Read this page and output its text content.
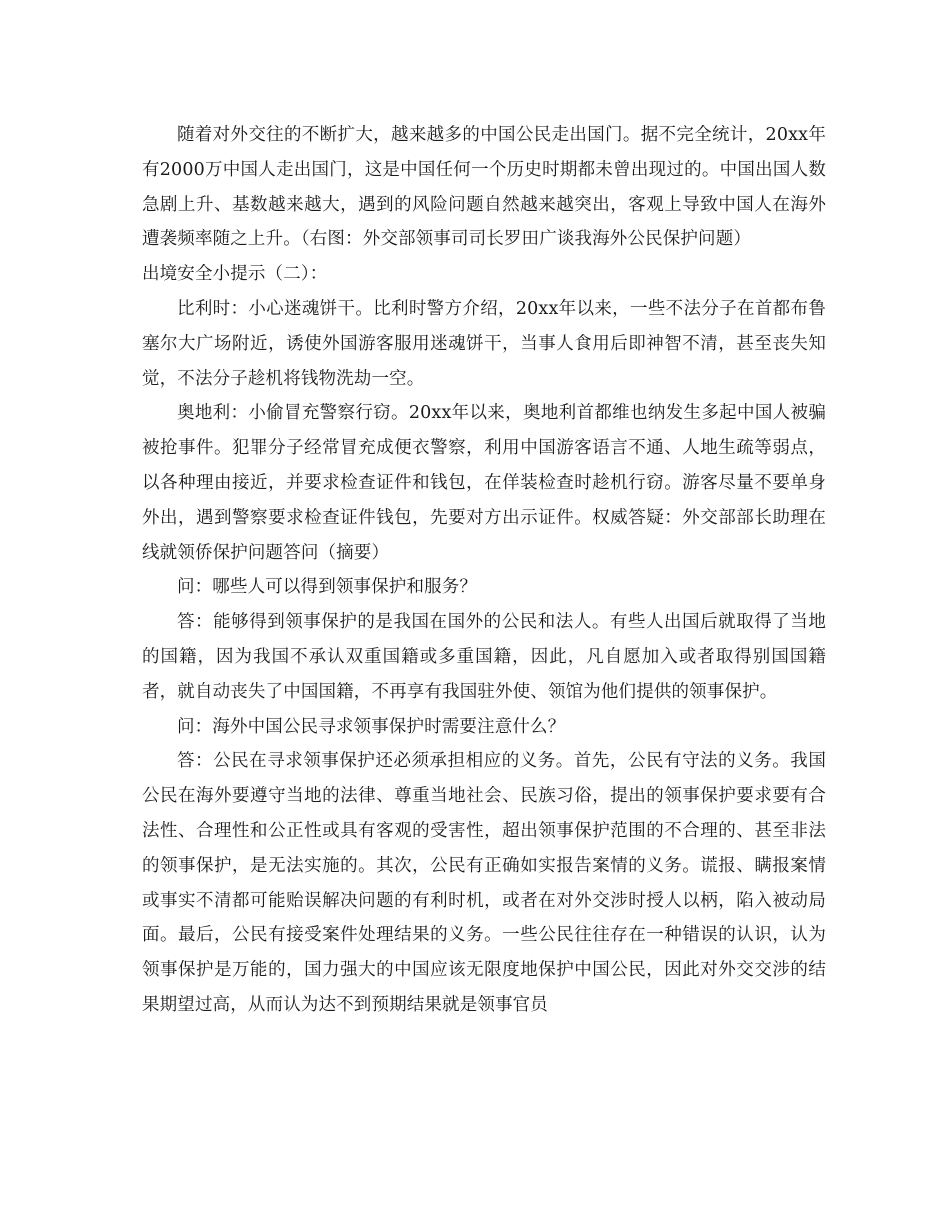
随着对外交往的不断扩大，越来越多的中国公民走出国门。据不完全统计，20xx年有2000万中国人走出国门，这是中国任何一个历史时期都未曾出现过的。中国出国人数急剧上升、基数越来越大，遇到的风险问题自然越来越突出，客观上导致中国人在海外遭袭频率随之上升。（右图：外交部领事司司长罗田广谈我海外公民保护问题）

出境安全小提示（二）：

比利时：小心迷魂饼干。比利时警方介绍，20xx年以来，一些不法分子在首都布鲁塞尔大广场附近，诱使外国游客服用迷魂饼干，当事人食用后即神智不清，甚至丧失知觉，不法分子趁机将钱物洗劫一空。

奥地利：小偷冒充警察行窃。20xx年以来，奥地利首都维也纳发生多起中国人被骗被抢事件。犯罪分子经常冒充成便衣警察，利用中国游客语言不通、人地生疏等弱点，以各种理由接近，并要求检查证件和钱包，在佯装检查时趁机行窃。游客尽量不要单身外出，遇到警察要求检查证件钱包，先要对方出示证件。权威答疑：外交部部长助理在线就领侨保护问题答问（摘要）

问：哪些人可以得到领事保护和服务？

答：能够得到领事保护的是我国在国外的公民和法人。有些人出国后就取得了当地的国籍，因为我国不承认双重国籍或多重国籍，因此，凡自愿加入或者取得别国国籍者，就自动丧失了中国国籍，不再享有我国驻外使、领馆为他们提供的领事保护。

问：海外中国公民寻求领事保护时需要注意什么？

答：公民在寻求领事保护还必须承担相应的义务。首先，公民有守法的义务。我国公民在海外要遵守当地的法律、尊重当地社会、民族习俗，提出的领事保护要求要有合法性、合理性和公正性或具有客观的受害性，超出领事保护范围的不合理的、甚至非法的领事保护，是无法实施的。其次，公民有正确如实报告案情的义务。谎报、瞒报案情或事实不清都可能贻误解决问题的有利时机，或者在对外交涉时授人以柄，陷入被动局面。最后，公民有接受案件处理结果的义务。一些公民往往存在一种错误的认识，认为领事保护是万能的，国力强大的中国应该无限度地保护中国公民，因此对外交交涉的结果期望过高，从而认为达不到预期结果就是领事官员
